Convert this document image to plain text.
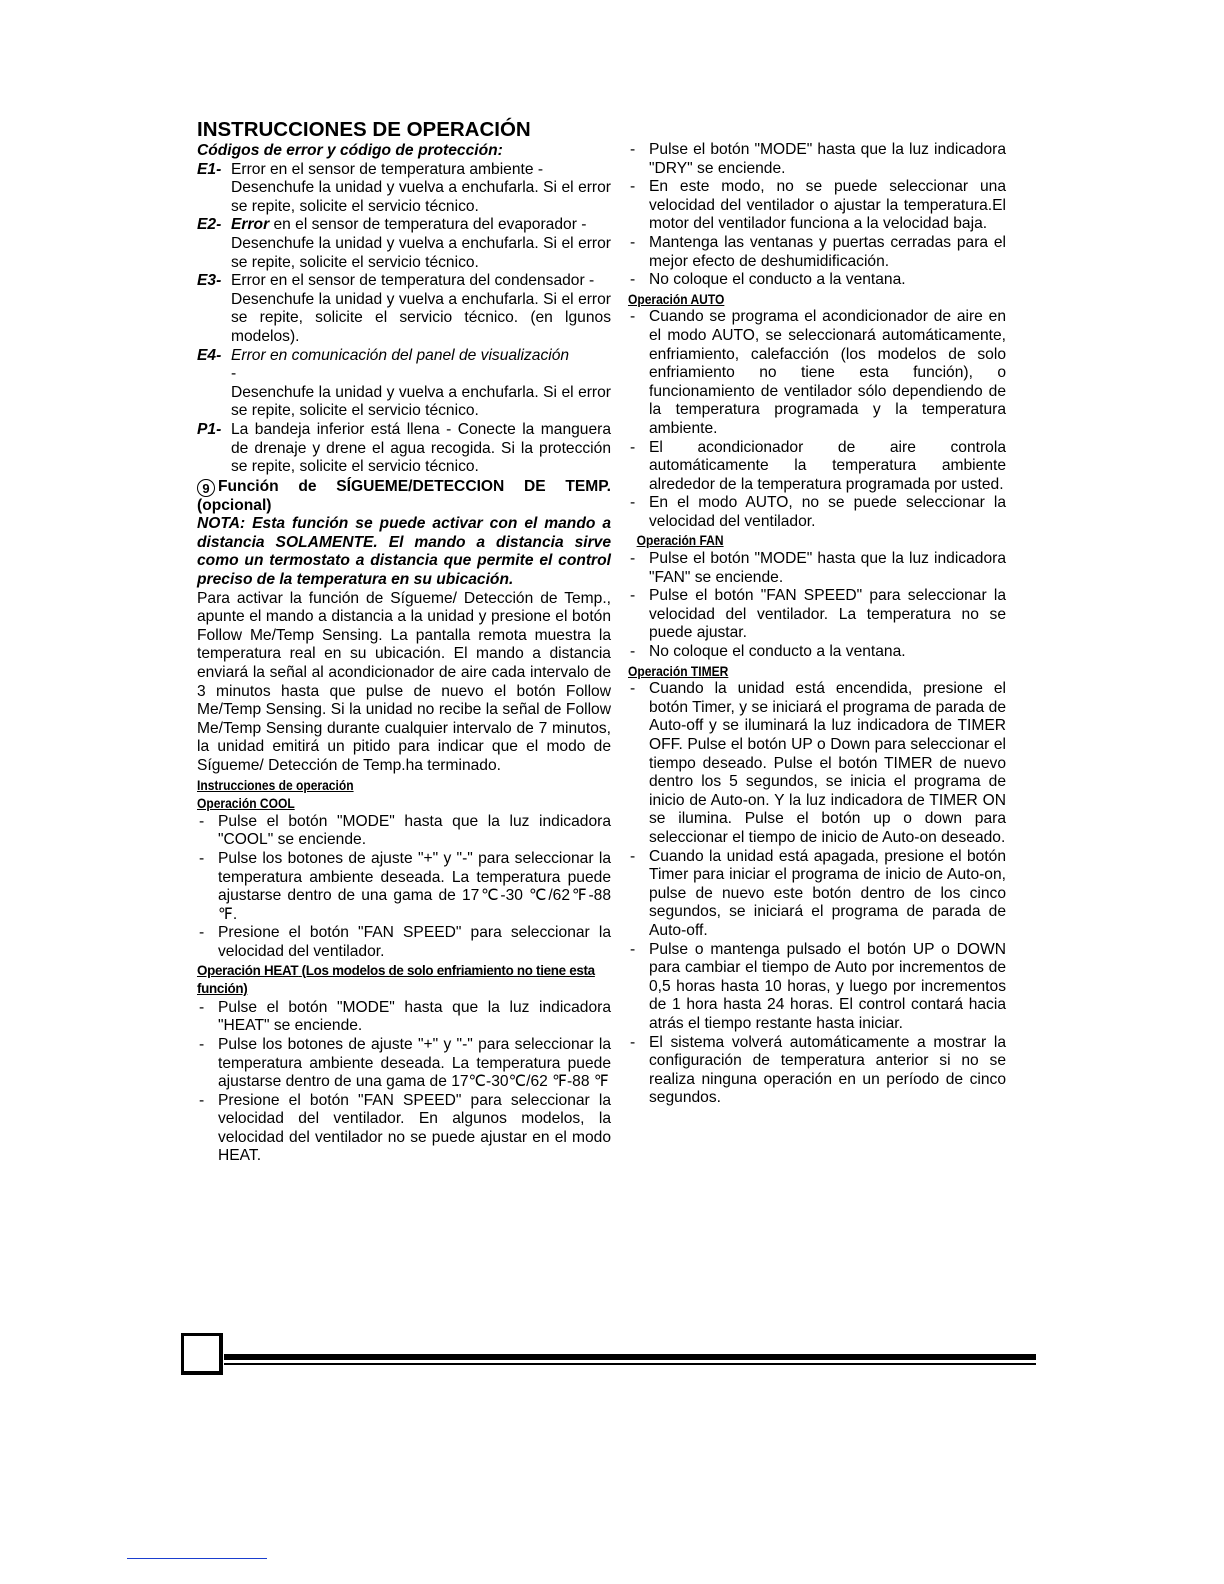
INSTRUCCIONES DE OPERACIÓN
Códigos de error y código de protección:
E1- Error en el sensor de temperatura ambiente -
Desenchufe la unidad y vuelva a enchufarla. Si el error se repite, solicite el servicio técnico.
E2- Error en el sensor de temperatura del evaporador -
Desenchufe la unidad y vuelva a enchufarla. Si el error se repite, solicite el servicio técnico.
E3- Error en el sensor de temperatura del condensador -
Desenchufe la unidad y vuelva a enchufarla. Si el error se repite, solicite el servicio técnico. (en lgunos modelos).
E4- Error en comunicación del panel de visualización
-
Desenchufe la unidad y vuelva a enchufarla. Si el error se repite, solicite el servicio técnico.
P1- La bandeja inferior está llena - Conecte la manguera de drenaje y drene el agua recogida. Si la protección se repite, solicite el servicio técnico.
9 Función de SÍGUEME/DETECCION DE TEMP. (opcional)
NOTA: Esta función se puede activar con el mando a distancia SOLAMENTE. El mando a distancia sirve como un termostato a distancia que permite el control preciso de la temperatura en su ubicación.
Para activar la función de Sígueme/ Detección de Temp., apunte el mando a distancia a la unidad y presione el botón Follow Me/Temp Sensing. La pantalla remota muestra la temperatura real en su ubicación. El mando a distancia enviará la señal al acondicionador de aire cada intervalo de 3 minutos hasta que pulse de nuevo el botón Follow Me/Temp Sensing. Si la unidad no recibe la señal de Follow Me/Temp Sensing durante cualquier intervalo de 7 minutos, la unidad emitirá un pitido para indicar que el modo de Sígueme/ Detección de Temp.ha terminado.
Instrucciones de operación
Operación COOL
- Pulse el botón "MODE" hasta que la luz indicadora "COOL" se enciende.
- Pulse los botones de ajuste "+" y "-" para seleccionar la temperatura ambiente deseada. La temperatura puede ajustarse dentro de una gama de 17℃-30 ℃/62℉-88 ℉.
- Presione el botón "FAN SPEED" para seleccionar la velocidad del ventilador.
Operación HEAT (Los modelos de solo enfriamiento no tiene esta función)
- Pulse el botón "MODE" hasta que la luz indicadora "HEAT" se enciende.
- Pulse los botones de ajuste "+" y "-" para seleccionar la temperatura ambiente deseada. La temperatura puede ajustarse dentro de una gama de 17℃-30℃/62 ℉-88 ℉
- Presione el botón "FAN SPEED" para seleccionar la velocidad del ventilador. En algunos modelos, la velocidad del ventilador no se puede ajustar en el modo HEAT.
- Pulse el botón "MODE" hasta que la luz indicadora "DRY" se enciende.
- En este modo, no se puede seleccionar una velocidad del ventilador o ajustar la temperatura.El motor del ventilador funciona a la velocidad baja.
- Mantenga las ventanas y puertas cerradas para el mejor efecto de deshumidificación.
- No coloque el conducto a la ventana.
Operación AUTO
- Cuando se programa el acondicionador de aire en el modo AUTO, se seleccionará automáticamente, enfriamiento, calefacción (los modelos de solo enfriamiento no tiene esta función), o funcionamiento de ventilador sólo dependiendo de la temperatura programada y la temperatura ambiente.
- El acondicionador de aire controla automáticamente la temperatura ambiente alrededor de la temperatura programada por usted.
- En el modo AUTO, no se puede seleccionar la velocidad del ventilador.
Operación FAN
- Pulse el botón "MODE" hasta que la luz indicadora "FAN" se enciende.
- Pulse el botón "FAN SPEED" para seleccionar la velocidad del ventilador. La temperatura no se puede ajustar.
- No coloque el conducto a la ventana.
Operación TIMER
- Cuando la unidad está encendida, presione el botón Timer, y se iniciará el programa de parada de Auto-off y se iluminará la luz indicadora de TIMER OFF. Pulse el botón UP o Down para seleccionar el tiempo deseado. Pulse el botón TIMER de nuevo dentro los 5 segundos, se inicia el programa de inicio de Auto-on. Y la luz indicadora de TIMER ON se ilumina. Pulse el botón up o down para seleccionar el tiempo de inicio de Auto-on deseado.
- Cuando la unidad está apagada, presione el botón Timer para iniciar el programa de inicio de Auto-on, pulse de nuevo este botón dentro de los cinco segundos, se iniciará el programa de parada de Auto-off.
- Pulse o mantenga pulsado el botón UP o DOWN para cambiar el tiempo de Auto por incrementos de 0,5 horas hasta 10 horas, y luego por incrementos de 1 hora hasta 24 horas. El control contará hacia atrás el tiempo restante hasta iniciar.
- El sistema volverá automáticamente a mostrar la configuración de temperatura anterior si no se realiza ninguna operación en un período de cinco segundos.
